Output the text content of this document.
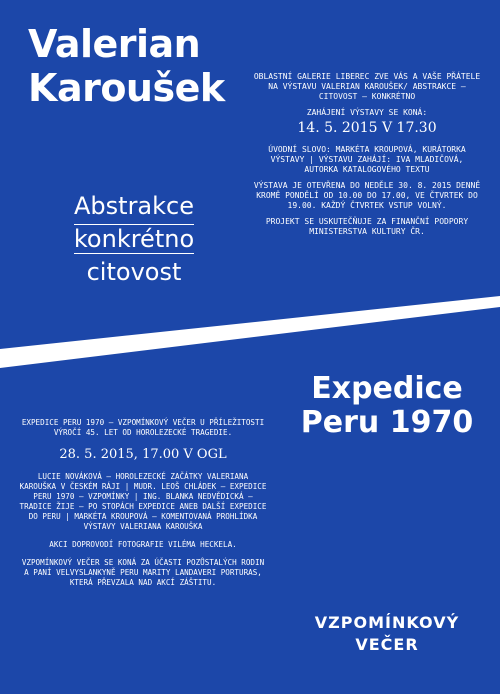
Valerian
Karoušek
Abstrakce
konkrétno
citovost

OBLASTNÍ GALERIE LIBEREC ZVE VÁS A VAŠE PŘÁTELE NA VÝSTAVU VALERIAN KAROUŠEK/ ABSTRAKCE – CITOVOST – KONKRÉTNO

ZAHÁJENÍ VÝSTAVY SE KONÁ:

14. 5. 2015 V 17.30

ÚVODNÍ SLOVO: MARKÉTA KROUPOVÁ, KURÁTORKA VÝSTAVY | VÝSTAVU ZAHÁJÍ: IVA MLADIČOVÁ, AUTORKA KATALOGOVÉHO TEXTU

VÝSTAVA JE OTEVŘENA DO NEDĚLE 30. 8. 2015 DENNĚ KROMĚ PONDĚLÍ OD 10.00 DO 17.00, VE ČTVRTEK DO 19.00. KAŽDÝ ČTVRTEK VSTUP VOLNÝ.

PROJEKT SE USKUTEČŇUJE ZA FINANČNÍ PODPORY MINISTERSTVA KULTURY ČR.

Expedice
Peru 1970

EXPEDICE PERU 1970 – VZPOMÍNKOVÝ VEČER U PŘÍLEŽITOSTI VÝROČÍ 45. LET OD HOROLEZECKÉ TRAGEDIE.

28. 5. 2015, 17.00 V OGL

LUCIE NOVÁKOVÁ – HOROLEZECKÉ ZAČÁTKY VALERIANA KAROUŠKA V ČESKÉM RÁJI | MUDR. LEOŠ CHLÁDEK – EXPEDICE PERU 1970 – VZPOMÍNKY | ING. BLANKA NEDVĚDICKÁ – TRADICE ŽIJE – PO STOPÁCH EXPEDICE ANEB DALŠÍ EXPEDICE DO PERU | MARKÉTA KROUPOVÁ – KOMENTOVANÁ PROHLÍDKA VÝSTAVY VALERIANA KAROUŠKA

AKCI DOPROVODÍ FOTOGRAFIE VILÉMA HECKELA.

VZPOMÍNKOVÝ VEČER SE KONÁ ZA ÚČASTI POZŮSTALÝCH RODIN A PANÍ VELVYSLANKYNĚ PERU MARITY LANDAVERI PORTURAS, KTERÁ PŘEVZALA NAD AKCÍ ZÁŠTITU.

VZPOMÍNKOVÝ
VEČER
